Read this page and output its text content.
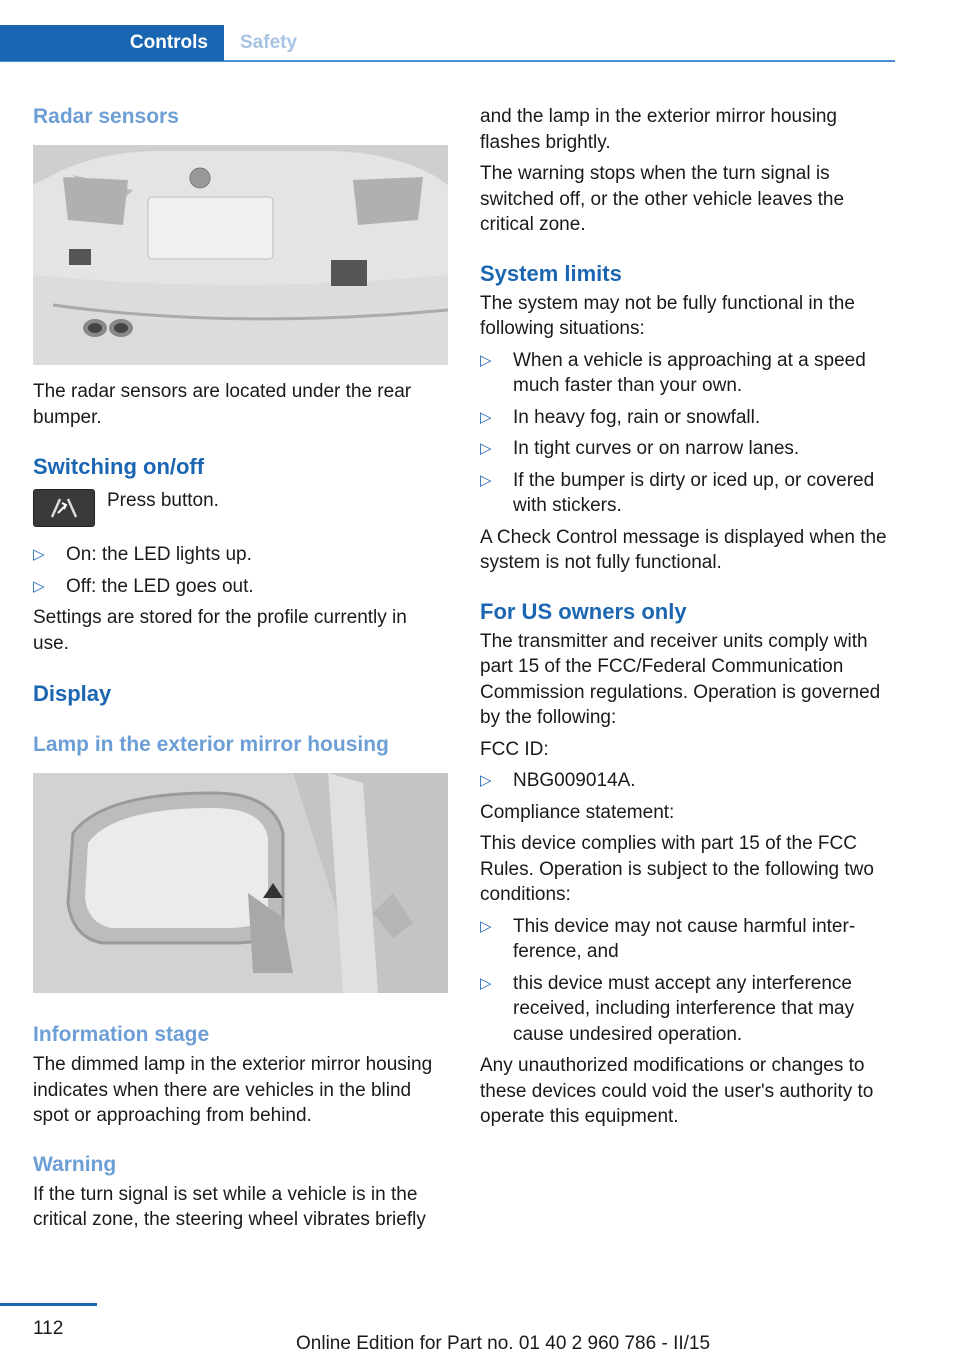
Controls	Safety
Radar sensors

The radar sensors are located under the rear bumper.

Switching on/off

Press button.

▷ On: the LED lights up.
▷ Off: the LED goes out.

Settings are stored for the profile currently in use.

Display
Lamp in the exterior mirror housing
Information stage

The dimmed lamp in the exterior mirror housing indicates when there are vehicles in the blind spot or approaching from behind.

Warning

If the turn signal is set while a vehicle is in the critical zone, the steering wheel vibrates briefly

and the lamp in the exterior mirror housing flashes brightly.

The warning stops when the turn signal is switched off, or the other vehicle leaves the critical zone.

System limits

The system may not be fully functional in the following situations:

▷ When a vehicle is approaching at a speed much faster than your own.
▷ In heavy fog, rain or snowfall.
▷ In tight curves or on narrow lanes.
▷ If the bumper is dirty or iced up, or covered with stickers.

A Check Control message is displayed when the system is not fully functional.

For US owners only

The transmitter and receiver units comply with part 15 of the FCC/Federal Communication Commission regulations. Operation is governed by the following:

FCC ID:

▷ NBG009014A.

Compliance statement:

This device complies with part 15 of the FCC Rules. Operation is subject to the following two conditions:

▷ This device may not cause harmful interference, and
▷ this device must accept any interference received, including interference that may cause undesired operation.

Any unauthorized modifications or changes to these devices could void the user's authority to operate this equipment.

112
Online Edition for Part no. 01 40 2 960 786 - II/15
